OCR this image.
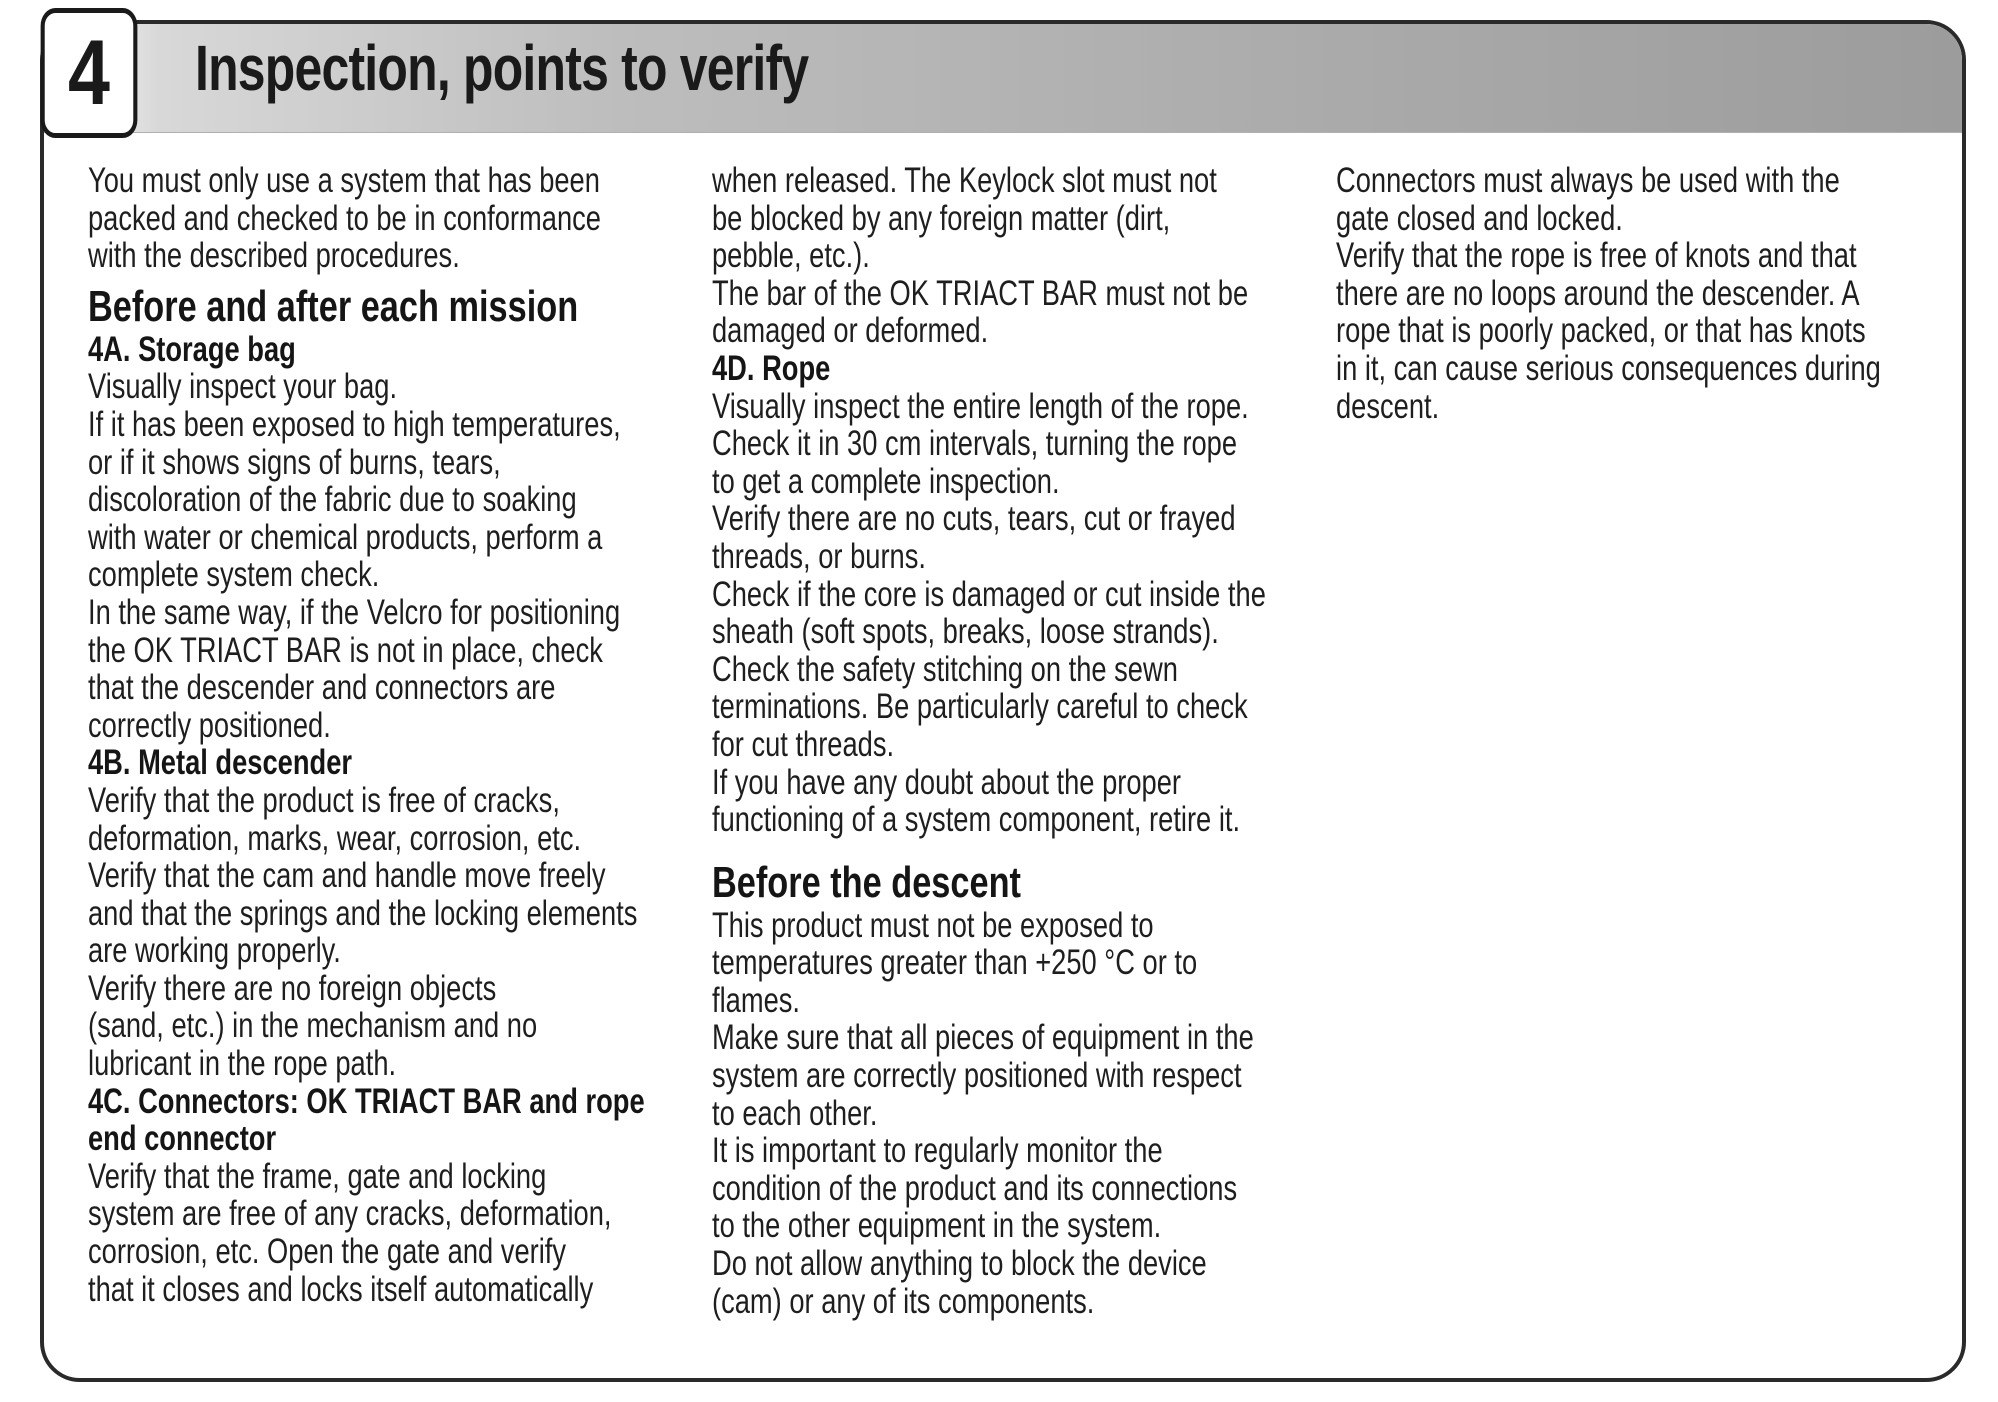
4	Inspection, points to verify
You must only use a system that has been
packed and checked to be in conformance
with the described procedures.
Before and after each mission
4A. Storage bag
Visually inspect your bag.
If it has been exposed to high temperatures,
or if it shows signs of burns, tears,
discoloration of the fabric due to soaking
with water or chemical products, perform a
complete system check.
In the same way, if the Velcro for positioning
the OK TRIACT BAR is not in place, check
that the descender and connectors are
correctly positioned.
4B. Metal descender
Verify that the product is free of cracks,
deformation, marks, wear, corrosion, etc.
Verify that the cam and handle move freely
and that the springs and the locking elements
are working properly.
Verify there are no foreign objects
(sand, etc.) in the mechanism and no
lubricant in the rope path.
4C. Connectors: OK TRIACT BAR and rope
end connector
Verify that the frame, gate and locking
system are free of any cracks, deformation,
corrosion, etc. Open the gate and verify
that it closes and locks itself automatically
when released. The Keylock slot must not
be blocked by any foreign matter (dirt,
pebble, etc.).
The bar of the OK TRIACT BAR must not be
damaged or deformed.
4D. Rope
Visually inspect the entire length of the rope.
Check it in 30 cm intervals, turning the rope
to get a complete inspection.
Verify there are no cuts, tears, cut or frayed
threads, or burns.
Check if the core is damaged or cut inside the
sheath (soft spots, breaks, loose strands).
Check the safety stitching on the sewn
terminations. Be particularly careful to check
for cut threads.
If you have any doubt about the proper
functioning of a system component, retire it.
Before the descent
This product must not be exposed to
temperatures greater than +250 °C or to
flames.
Make sure that all pieces of equipment in the
system are correctly positioned with respect
to each other.
It is important to regularly monitor the
condition of the product and its connections
to the other equipment in the system.
Do not allow anything to block the device
(cam) or any of its components.
Connectors must always be used with the
gate closed and locked.
Verify that the rope is free of knots and that
there are no loops around the descender. A
rope that is poorly packed, or that has knots
in it, can cause serious consequences during
descent.
